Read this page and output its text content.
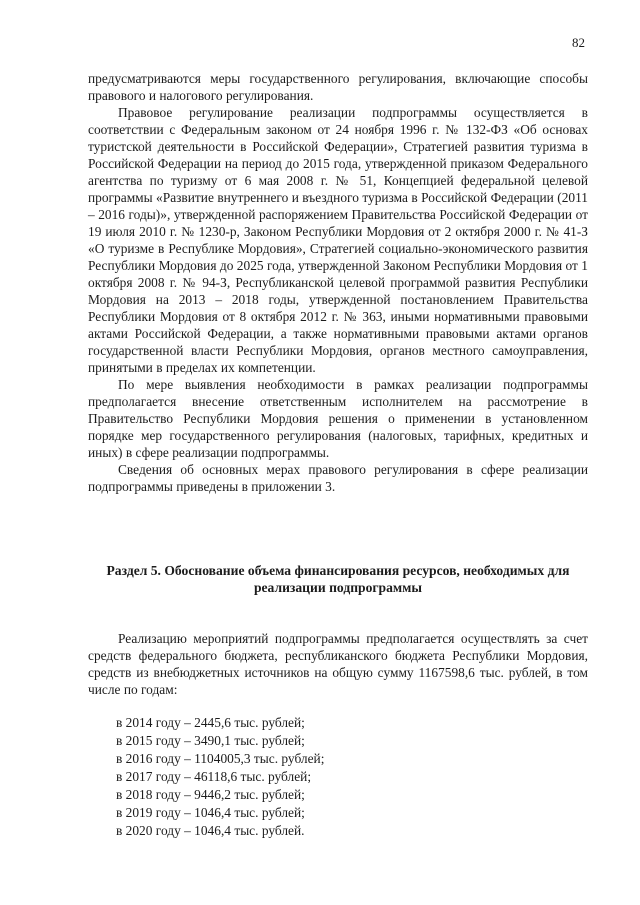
82

предусматриваются меры государственного регулирования, включающие способы правового и налогового регулирования.

Правовое регулирование реализации подпрограммы осуществляется в соответствии с Федеральным законом от 24 ноября 1996 г. № 132-ФЗ «Об основах туристской деятельности в Российской Федерации», Стратегией развития туризма в Российской Федерации на период до 2015 года, утвержденной приказом Федерального агентства по туризму от 6 мая 2008 г. № 51, Концепцией федеральной целевой программы «Развитие внутреннего и въездного туризма в Российской Федерации (2011 – 2016 годы)», утвержденной распоряжением Правительства Российской Федерации от 19 июля 2010 г. № 1230-р, Законом Республики Мордовия от 2 октября 2000 г. № 41-З «О туризме в Республике Мордовия», Стратегией социально-экономического развития Республики Мордовия до 2025 года, утвержденной Законом Республики Мордовия от 1 октября 2008 г. № 94-З, Республиканской целевой программой развития Республики Мордовия на 2013 – 2018 годы, утвержденной постановлением Правительства Республики Мордовия от 8 октября 2012 г. № 363, иными нормативными правовыми актами Российской Федерации, а также нормативными правовыми актами органов государственной власти Республики Мордовия, органов местного самоуправления, принятыми в пределах их компетенции.

По мере выявления необходимости в рамках реализации подпрограммы предполагается внесение ответственным исполнителем на рассмотрение в Правительство Республики Мордовия решения о применении в установленном порядке мер государственного регулирования (налоговых, тарифных, кредитных и иных) в сфере реализации подпрограммы.

Сведения об основных мерах правового регулирования в сфере реализации подпрограммы приведены в приложении 3.

Раздел 5. Обоснование объема финансирования ресурсов, необходимых для реализации подпрограммы

Реализацию мероприятий подпрограммы предполагается осуществлять за счет средств федерального бюджета, республиканского бюджета Республики Мордовия, средств из внебюджетных источников на общую сумму 1167598,6 тыс. рублей, в том числе по годам:

в 2014 году – 2445,6 тыс. рублей;
в 2015 году – 3490,1 тыс. рублей;
в 2016 году – 1104005,3 тыс. рублей;
в 2017 году – 46118,6 тыс. рублей;
в 2018 году – 9446,2 тыс. рублей;
в 2019 году – 1046,4 тыс. рублей;
в 2020 году – 1046,4 тыс. рублей.
